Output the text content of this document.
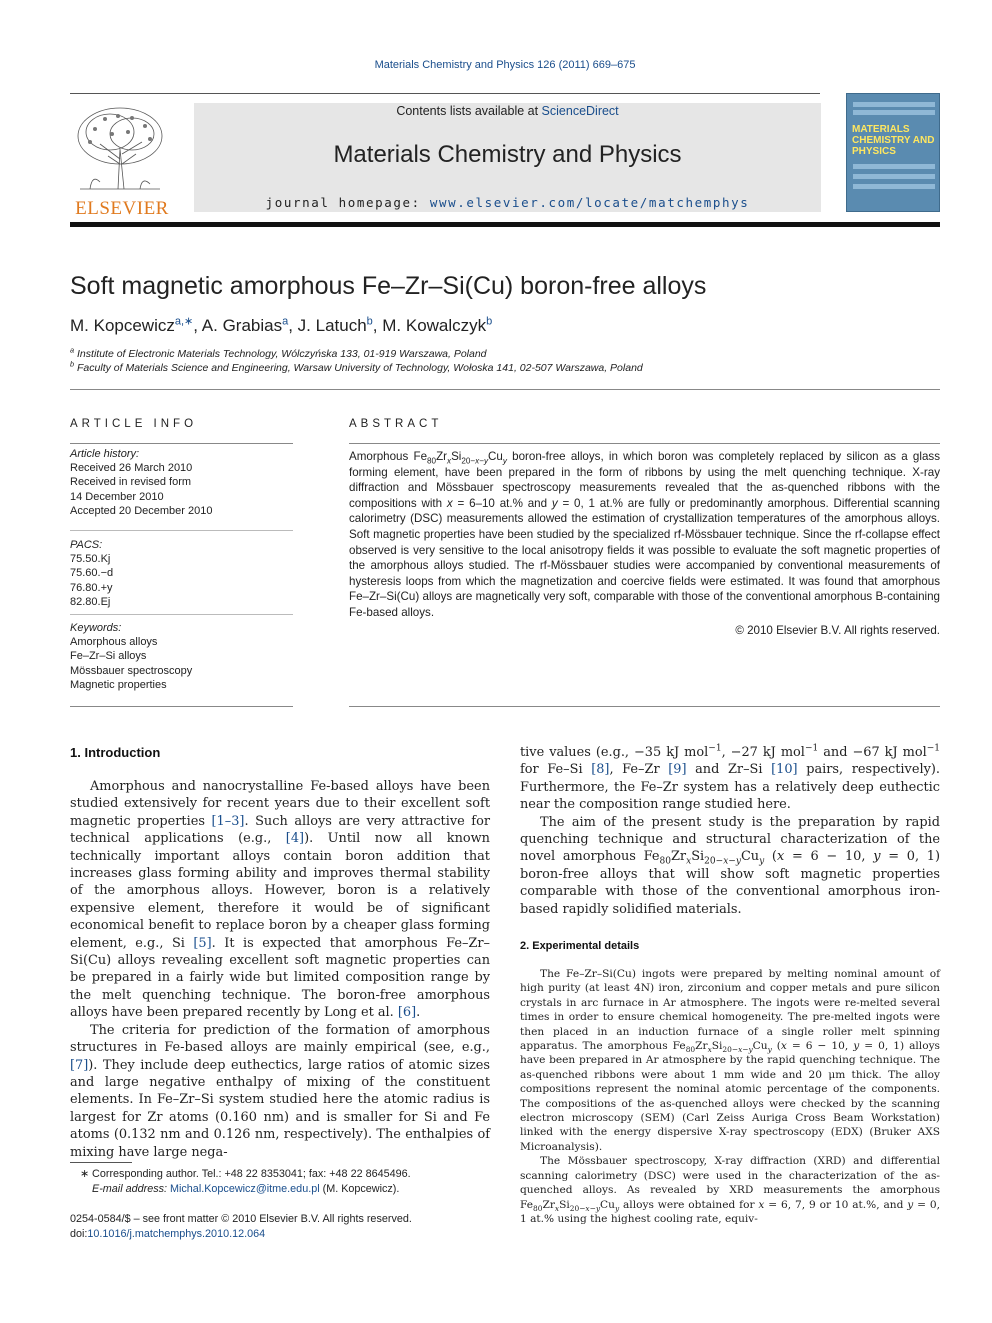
Materials Chemistry and Physics 126 (2011) 669–675
ELSEVIER
Contents lists available at ScienceDirect
Materials Chemistry and Physics
journal homepage: www.elsevier.com/locate/matchemphys
MATERIALS CHEMISTRY AND PHYSICS
Soft magnetic amorphous Fe–Zr–Si(Cu) boron-free alloys
M. Kopcewicz$^{a,∗}$, A. Grabias$^a$, J. Latuch$^b$, M. Kowalczyk$^b$
$^a$ Institute of Electronic Materials Technology, Wólczyńska 133, 01-919 Warszawa, Poland
$^b$ Faculty of Materials Science and Engineering, Warsaw University of Technology, Wołoska 141, 02-507 Warszawa, Poland
ARTICLE INFO
Article history:
Received 26 March 2010
Received in revised form
14 December 2010
Accepted 20 December 2010
PACS:
75.50.Kj
75.60.−d
76.80.+y
82.80.Ej
Keywords:
Amorphous alloys
Fe–Zr–Si alloys
Mössbauer spectroscopy
Magnetic properties
ABSTRACT
Amorphous $Fe_{80}Zr_xSi_{20-x-y}Cu_y$ boron-free alloys, in which boron was completely replaced by silicon as a glass forming element, have been prepared in the form of ribbons by using the melt quenching technique. X-ray diffraction and Mössbauer spectroscopy measurements revealed that the as-quenched ribbons with the compositions with x = 6–10 at.% and y = 0, 1 at.% are fully or predominantly amorphous. Differential scanning calorimetry (DSC) measurements allowed the estimation of crystallization temperatures of the amorphous alloys. Soft magnetic properties have been studied by the specialized rf-Mössbauer technique. Since the rf-collapse effect observed is very sensitive to the local anisotropy fields it was possible to evaluate the soft magnetic properties of the amorphous alloys studied. The rf-Mössbauer studies were accompanied by conventional measurements of hysteresis loops from which the magnetization and coercive fields were estimated. It was found that amorphous Fe–Zr–Si(Cu) alloys are magnetically very soft, comparable with those of the conventional amorphous B-containing Fe-based alloys.
© 2010 Elsevier B.V. All rights reserved.
1. Introduction

Amorphous and nanocrystalline Fe-based alloys have been studied extensively for recent years due to their excellent soft magnetic properties [1–3]. Such alloys are very attractive for technical applications (e.g., [4]). Until now all known technically important alloys contain boron addition that increases glass forming ability and improves thermal stability of the amorphous alloys. However, boron is a relatively expensive element, therefore it would be of significant economical benefit to replace boron by a cheaper glass forming element, e.g., Si [5]. It is expected that amorphous Fe–Zr–Si(Cu) alloys revealing excellent soft magnetic properties can be prepared in a fairly wide but limited composition range by the melt quenching technique. The boron-free amorphous alloys have been prepared recently by Long et al. [6].

The criteria for prediction of the formation of amorphous structures in Fe-based alloys are mainly empirical (see, e.g., [7]). They include deep euthectics, large ratios of atomic sizes and large negative enthalpy of mixing of the constituent elements. In Fe–Zr–Si system studied here the atomic radius is largest for Zr atoms (0.160 nm) and is smaller for Si and Fe atoms (0.132 nm and 0.126 nm, respectively). The enthalpies of mixing have large nega-

tive values (e.g., −35 kJ mol$^{-1}$, −27 kJ mol$^{-1}$ and −67 kJ mol$^{-1}$ for Fe–Si [8], Fe–Zr [9] and Zr–Si [10] pairs, respectively). Furthermore, the Fe–Zr system has a relatively deep euthectic near the composition range studied here.

The aim of the present study is the preparation by rapid quenching technique and structural characterization of the novel amorphous $Fe_{80}Zr_xSi_{20-x-y}Cu_y$ (x = 6 − 10, y = 0, 1) boron-free alloys that will show soft magnetic properties comparable with those of the conventional amorphous iron-based rapidly solidified materials.

2. Experimental details

The Fe–Zr–Si(Cu) ingots were prepared by melting nominal amount of high purity (at least 4N) iron, zirconium and copper metals and pure silicon crystals in arc furnace in Ar atmosphere. The ingots were re-melted several times in order to ensure chemical homogeneity. The pre-melted ingots were then placed in an induction furnace of a single roller melt spinning apparatus. The amorphous $Fe_{80}Zr_xSi_{20-x-y}Cu_y$ (x = 6 − 10, y = 0, 1) alloys have been prepared in Ar atmosphere by the rapid quenching technique. The as-quenched ribbons were about 1 mm wide and 20 μm thick. The alloy compositions represent the nominal atomic percentage of the components. The compositions of the as-quenched alloys were checked by the scanning electron microscopy (SEM) (Carl Zeiss Auriga Cross Beam Workstation) linked with the energy dispersive X-ray spectroscopy (EDX) (Bruker AXS Microanalysis).

The Mössbauer spectroscopy, X-ray diffraction (XRD) and differential scanning calorimetry (DSC) were used in the characterization of the as-quenched alloys. As revealed by XRD measurements the amorphous $Fe_{80}Zr_xSi_{20-x-y}Cu_y$ alloys were obtained for x = 6, 7, 9 or 10 at.%, and y = 0, 1 at.% using the highest cooling rate, equiv-

∗ Corresponding author. Tel.: +48 22 8353041; fax: +48 22 8645496.
E-mail address: Michal.Kopcewicz@itme.edu.pl (M. Kopcewicz).
0254-0584/$ – see front matter © 2010 Elsevier B.V. All rights reserved.
doi:10.1016/j.matchemphys.2010.12.064
